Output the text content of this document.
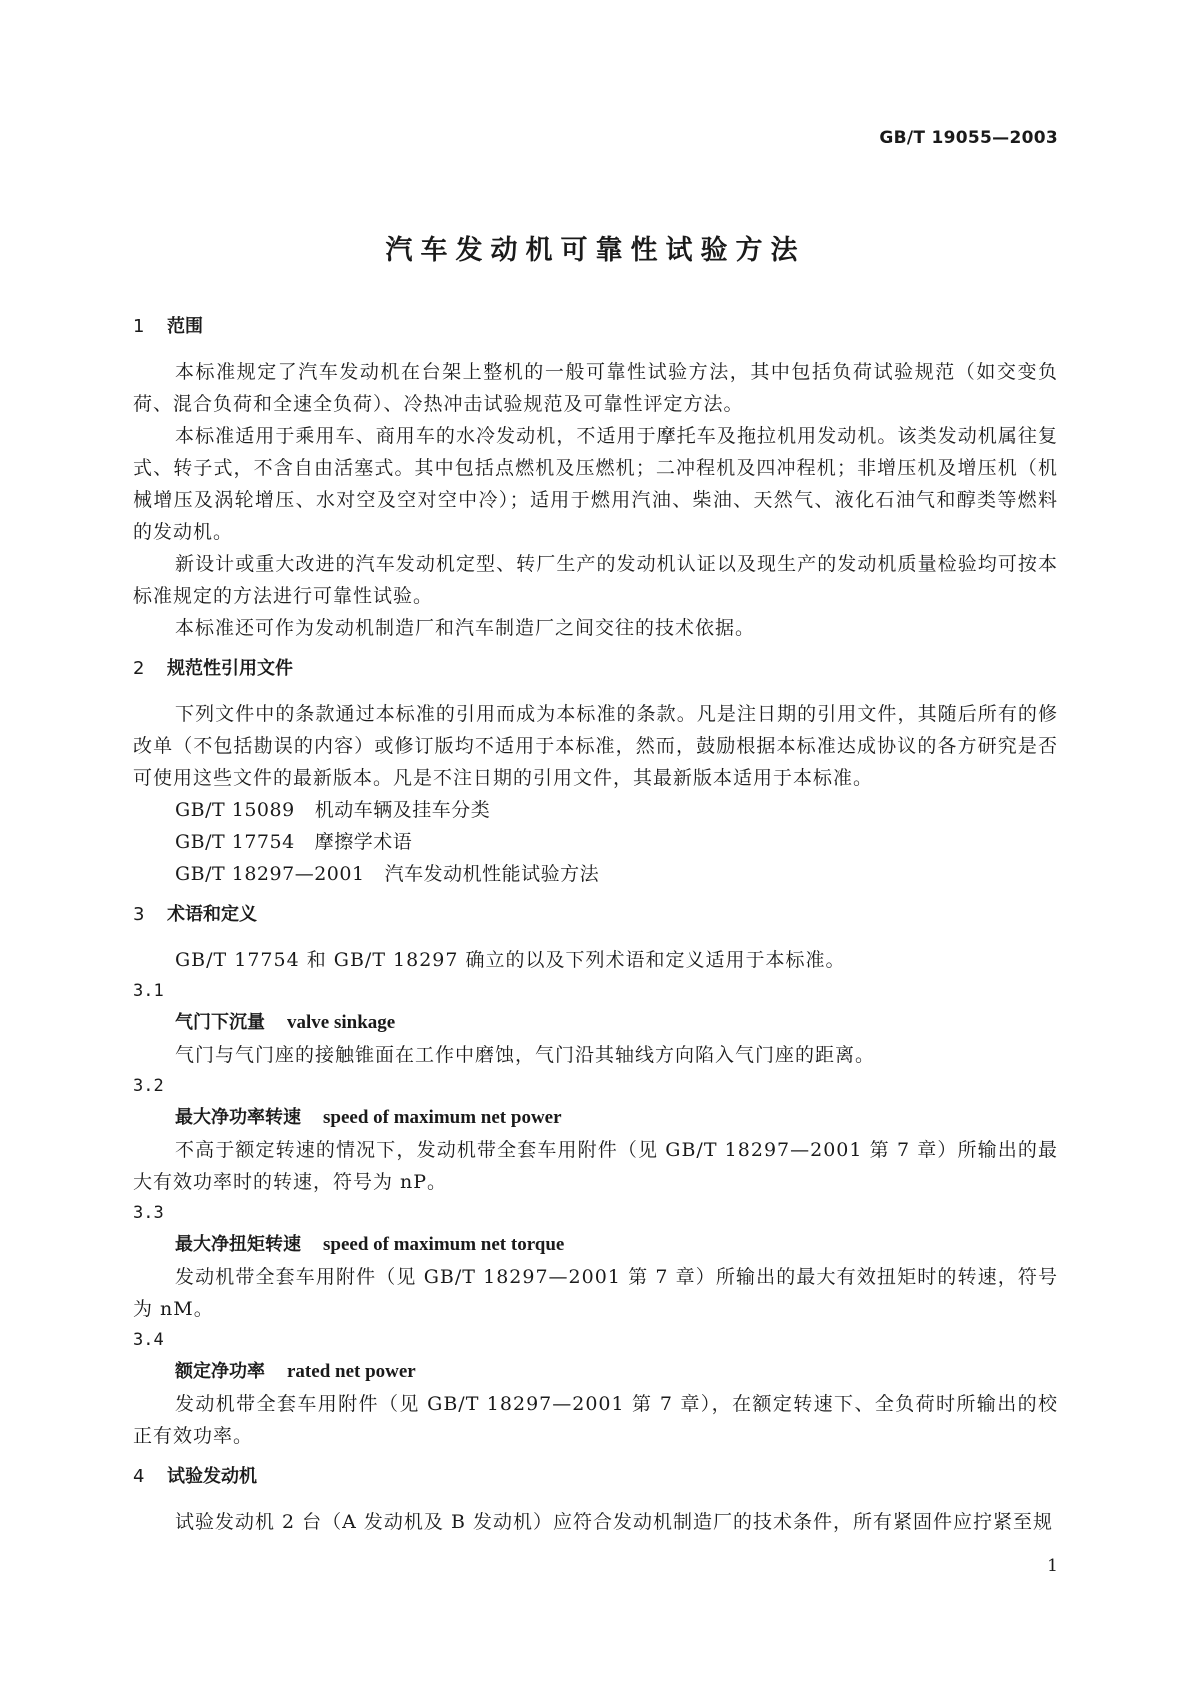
GB/T 19055—2003
汽车发动机可靠性试验方法
1 范围

本标准规定了汽车发动机在台架上整机的一般可靠性试验方法，其中包括负荷试验规范（如交变负荷、混合负荷和全速全负荷）、冷热冲击试验规范及可靠性评定方法。

本标准适用于乘用车、商用车的水冷发动机，不适用于摩托车及拖拉机用发动机。该类发动机属往复式、转子式，不含自由活塞式。其中包括点燃机及压燃机；二冲程机及四冲程机；非增压机及增压机（机械增压及涡轮增压、水对空及空对空中冷）；适用于燃用汽油、柴油、天然气、液化石油气和醇类等燃料的发动机。

新设计或重大改进的汽车发动机定型、转厂生产的发动机认证以及现生产的发动机质量检验均可按本标准规定的方法进行可靠性试验。

本标准还可作为发动机制造厂和汽车制造厂之间交往的技术依据。

2 规范性引用文件

下列文件中的条款通过本标准的引用而成为本标准的条款。凡是注日期的引用文件，其随后所有的修改单（不包括勘误的内容）或修订版均不适用于本标准，然而，鼓励根据本标准达成协议的各方研究是否可使用这些文件的最新版本。凡是不注日期的引用文件，其最新版本适用于本标准。

GB/T 15089 机动车辆及挂车分类
GB/T 17754 摩擦学术语
GB/T 18297—2001 汽车发动机性能试验方法
3 术语和定义

GB/T 17754 和 GB/T 18297 确立的以及下列术语和定义适用于本标准。

3.1
气门下沉量 valve sinkage

气门与气门座的接触锥面在工作中磨蚀，气门沿其轴线方向陷入气门座的距离。

3.2
最大净功率转速 speed of maximum net power

不高于额定转速的情况下，发动机带全套车用附件（见 GB/T 18297—2001 第 7 章）所输出的最大有效功率时的转速，符号为 nP。

3.3
最大净扭矩转速 speed of maximum net torque

发动机带全套车用附件（见 GB/T 18297—2001 第 7 章）所输出的最大有效扭矩时的转速，符号为 nM。

3.4
额定净功率 rated net power

发动机带全套车用附件（见 GB/T 18297—2001 第 7 章），在额定转速下、全负荷时所输出的校正有效功率。

4 试验发动机

试验发动机 2 台（A 发动机及 B 发动机）应符合发动机制造厂的技术条件，所有紧固件应拧紧至规

1
